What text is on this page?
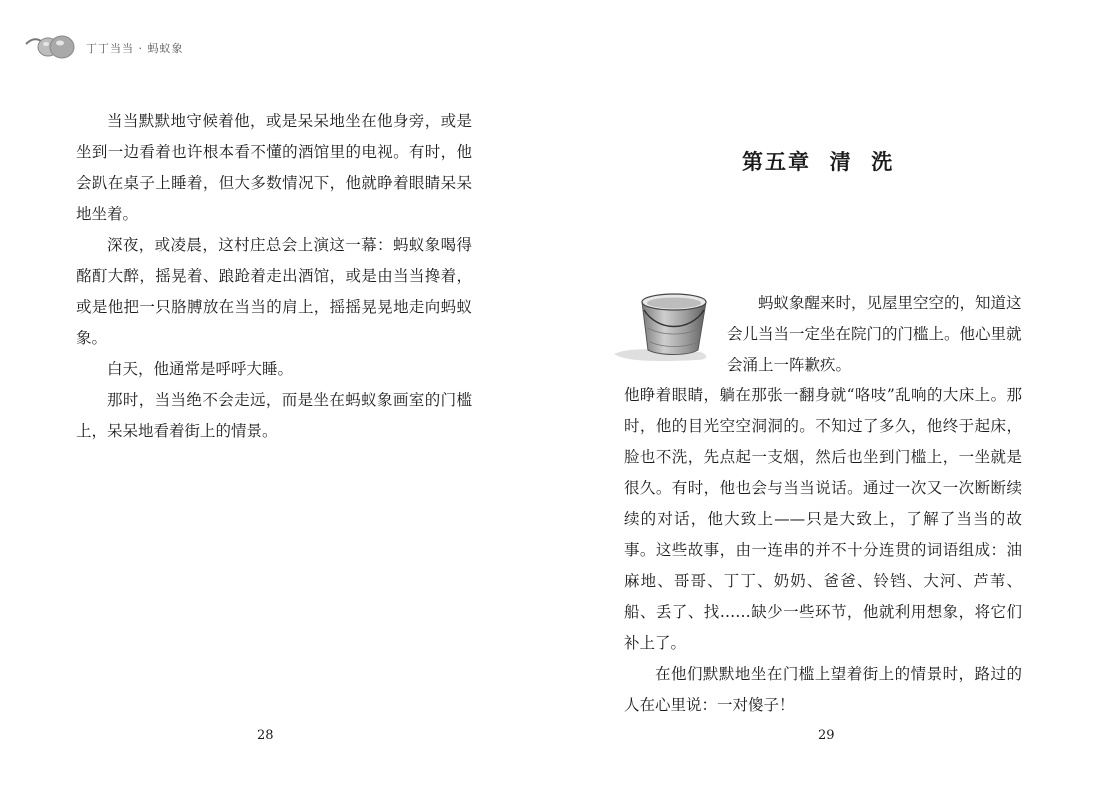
丁丁当当 · 蚂蚁象

当当默默地守候着他，或是呆呆地坐在他身旁，或是坐到一边看着也许根本看不懂的酒馆里的电视。有时，他会趴在桌子上睡着，但大多数情况下，他就睁着眼睛呆呆地坐着。

深夜，或凌晨，这村庄总会上演这一幕：蚂蚁象喝得酩酊大醉，摇晃着、踉跄着走出酒馆，或是由当当搀着，或是他把一只胳膊放在当当的肩上，摇摇晃晃地走向蚂蚁象。

白天，他通常是呼呼大睡。

那时，当当绝不会走远，而是坐在蚂蚁象画室的门槛上，呆呆地看着街上的情景。

28
第五章  清  洗
蚂蚁象醒来时，见屋里空空的，知道这
会儿当当一定坐在院门的门槛上。他心里就
会涌上一阵歉疚。

他睁着眼睛，躺在那张一翻身就“咯吱”乱响的大床上。那时，他的目光空空洞洞的。不知过了多久，他终于起床，脸也不洗，先点起一支烟，然后也坐到门槛上，一坐就是很久。有时，他也会与当当说话。通过一次又一次断断续续的对话，他大致上——只是大致上，了解了当当的故事。这些故事，由一连串的并不十分连贯的词语组成：油麻地、哥哥、丁丁、奶奶、爸爸、铃铛、大河、芦苇、船、丢了、找……缺少一些环节，他就利用想象，将它们补上了。

在他们默默地坐在门槛上望着街上的情景时，路过的人在心里说：一对傻子！

29
